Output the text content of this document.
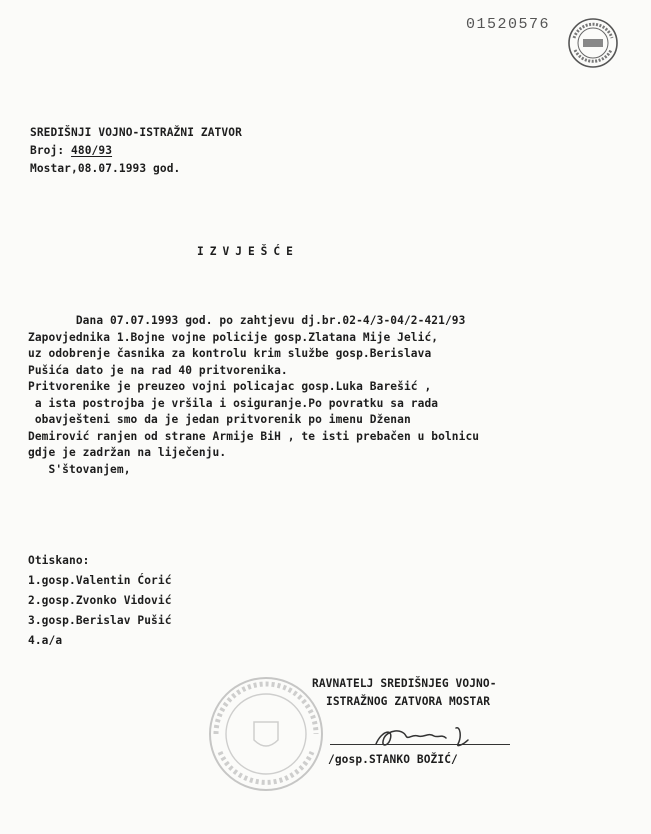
01520576
SREDIŠNJI VOJNO-ISTRAŽNI ZATVOR
Broj: 480/93
Mostar,08.07.1993 god.
IZVJEŠĆE
Dana 07.07.1993 god. po zahtjevu dj.br.02-4/3-04/2-421/93
Zapovjednika 1.Bojne vojne policije gosp.Zlatana Mije Jelić,
uz odobrenje časnika za kontrolu krim službe gosp.Berislava
Pušića dato je na rad 40 pritvorenika.
Pritvorenike je preuzeo vojni policajac gosp.Luka Barešić ,
a ista postrojba je vršila i osiguranje.Po povratku sa rada
obavješteni smo da je jedan pritvorenik po imenu Dženan
Demirović ranjen od strane Armije BiH , te isti prebačen u bolnicu
gdje je zadržan na liječenju.
S'štovanjem,
Otiskano:
1.gosp.Valentin Ćorić
2.gosp.Zvonko Vidović
3.gosp.Berislav Pušić
4.a/a
RAVNATELJ SREDIŠNJEG VOJNO-
ISTRAŽNOG ZATVORA MOSTAR
/gosp.STANKO BOŽIĆ/
